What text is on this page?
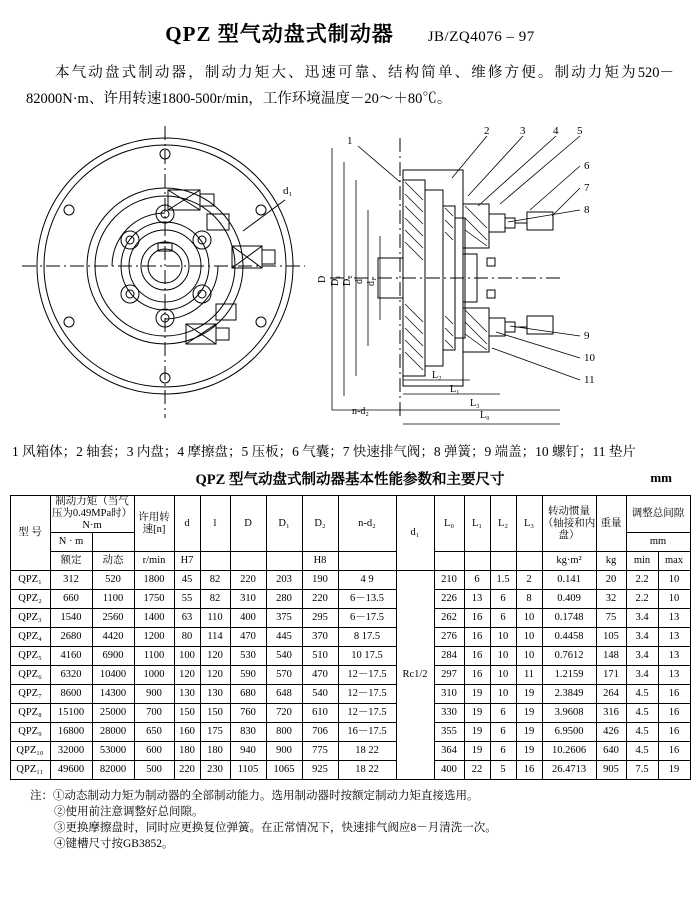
QPZ 型气动盘式制动器 JB/ZQ4076 – 97
本气动盘式制动器，制动力矩大、迅速可靠、结构简单、维修方便。制动力矩为520－82000N·m、许用转速1800-500r/min，工作环境温度－20～＋80℃。
d₁
D D₁ D₂ d d₁
n-d₂	L₀
L₁
L₂
1
2	3	4 5
6
7
8
9
10
11
L₃
1 风箱体；2 轴套；3 内盘；4 摩擦盘；5 压板；6 气囊；7 快速排气阀；8 弹簧；9 端盖；10 螺钉；11 垫片
QPZ 型气动盘式制动器基本性能参数和主要尺寸	mm
型 号	制动力矩（当气压为0.49MPa时）N·m		许用转速[n]	d	l	D	D₁	D₂	n-d₂	d₁	L₀	L₁	L₂	L₃	转动惯量（轴接和内盘）	重量	调整总间隙	
	N · m																mm	
	额定	动态	r/min	H7				H8							kg·m²	kg	min	max
QPZ₁	312	520	1800	45	82	220	203	190	4 9	Rc1/2	210	6	1.5	2	0.141	20	2.2	10
QPZ₂	660	1100	1750	55	82	310	280	220	6－13.5		226	13	6	8	0.409	32	2.2	10
QPZ₃	1540	2560	1400	63	110	400	375	295	6－17.5		262	16	6	10	0.1748	75	3.4	13
QPZ₄	2680	4420	1200	80	114	470	445	370	8 17.5		276	16	10	10	0.4458	105	3.4	13
QPZ₅	4160	6900	1100	100	120	530	540	510	10 17.5		284	16	10	10	0.7612	148	3.4	13
QPZ₆	6320	10400	1000	120	120	590	570	470	12－17.5		297	16	10	11	1.2159	171	3.4	13
QPZ₇	8600	14300	900	130	130	680	648	540	12－17.5		310	19	10	19	2.3849	264	4.5	16
QPZ₈	15100	25000	700	150	150	760	720	610	12－17.5		330	19	6	19	3.9608	316	4.5	16
QPZ₉	16800	28000	650	160	175	830	800	706	16－17.5		355	19	6	19	6.9500	426	4.5	16
QPZ₁₀	32000	53000	600	180	180	940	900	775	18 22		364	19	6	19	10.2606	640	4.5	16
QPZ₁₁	49600	82000	500	220	230	1105	1065	925	18 22		400	22	5	16	26.4713	905	7.5	19
注：①动态制动力矩为制动器的全部制动能力。选用制动器时按额定制动力矩直接选用。
②使用前注意调整好总间隙。
③更换摩擦盘时，同时应更换复位弹簧。在正常情况下，快速排气阀应8－月清洗一次。
④键槽尺寸按GB3852。
